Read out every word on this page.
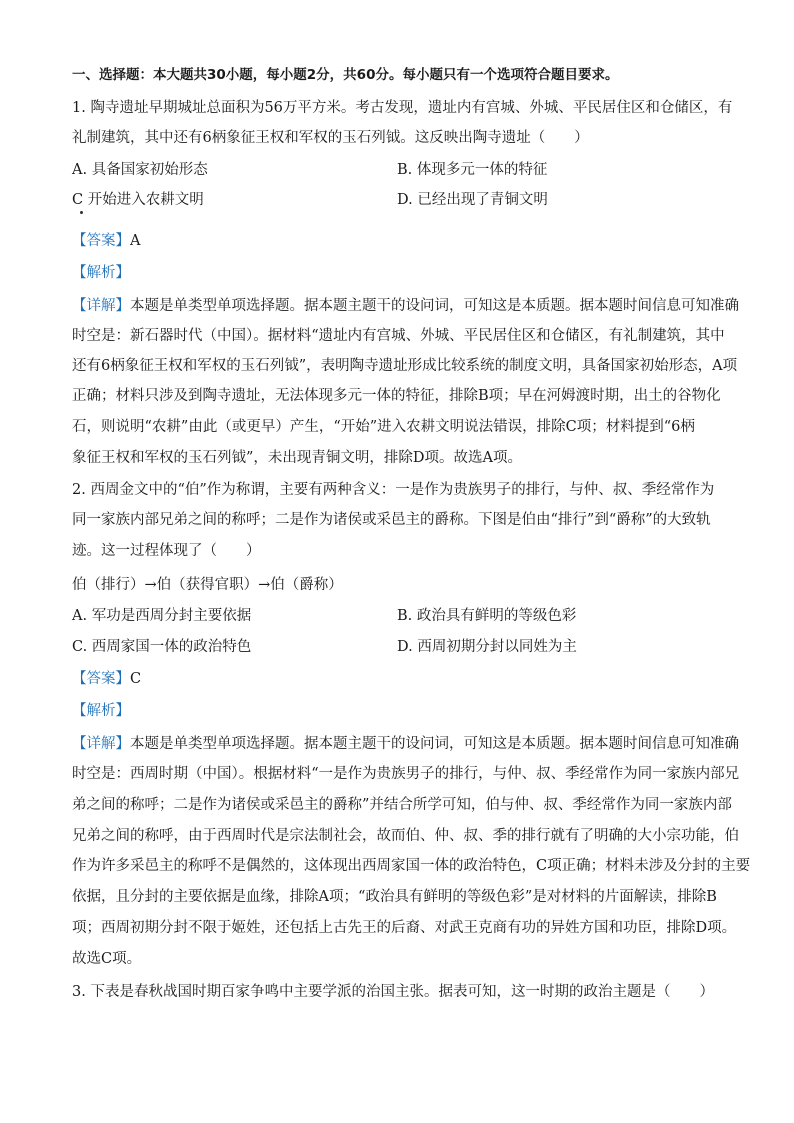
一、选择题：本大题共30小题，每小题2分，共60分。每小题只有一个选项符合题目要求。
1. 陶寺遗址早期城址总面积为56万平方米。考古发现，遗址内有宫城、外城、平民居住区和仓储区，有
礼制建筑，其中还有6柄象征王权和军权的玉石列钺。这反映出陶寺遗址（　　）
A. 具备国家初始形态	B. 体现多元一体的特征
C 开始进入农耕文明	D. 已经出现了青铜文明
【答案】A
【解析】
【详解】本题是单类型单项选择题。据本题主题干的设问词，可知这是本质题。据本题时间信息可知准确
时空是：新石器时代（中国）。据材料“遗址内有宫城、外城、平民居住区和仓储区，有礼制建筑，其中
还有6柄象征王权和军权的玉石列钺”，表明陶寺遗址形成比较系统的制度文明，具备国家初始形态，A项
正确；材料只涉及到陶寺遗址，无法体现多元一体的特征，排除B项；早在河姆渡时期，出土的谷物化
石，则说明“农耕”由此（或更早）产生，“开始”进入农耕文明说法错误，排除C项；材料提到“6柄
象征王权和军权的玉石列钺”，未出现青铜文明，排除D项。故选A项。
2. 西周金文中的“伯”作为称谓，主要有两种含义：一是作为贵族男子的排行，与仲、叔、季经常作为
同一家族内部兄弟之间的称呼；二是作为诸侯或采邑主的爵称。下图是伯由“排行”到“爵称”的大致轨
迹。这一过程体现了（　　）
伯（排行）→伯（获得官职）→伯（爵称）
A. 军功是西周分封主要依据	B. 政治具有鲜明的等级色彩
C. 西周家国一体的政治特色	D. 西周初期分封以同姓为主
【答案】C
【解析】
【详解】本题是单类型单项选择题。据本题主题干的设问词，可知这是本质题。据本题时间信息可知准确
时空是：西周时期（中国）。根据材料“一是作为贵族男子的排行，与仲、叔、季经常作为同一家族内部兄
弟之间的称呼；二是作为诸侯或采邑主的爵称”并结合所学可知，伯与仲、叔、季经常作为同一家族内部
兄弟之间的称呼，由于西周时代是宗法制社会，故而伯、仲、叔、季的排行就有了明确的大小宗功能，伯
作为许多采邑主的称呼不是偶然的，这体现出西周家国一体的政治特色，C项正确；材料未涉及分封的主要
依据，且分封的主要依据是血缘，排除A项；“政治具有鲜明的等级色彩”是对材料的片面解读，排除B
项；西周初期分封不限于姬姓，还包括上古先王的后裔、对武王克商有功的异姓方国和功臣，排除D项。
故选C项。
3. 下表是春秋战国时期百家争鸣中主要学派的治国主张。据表可知，这一时期的政治主题是（　　）
